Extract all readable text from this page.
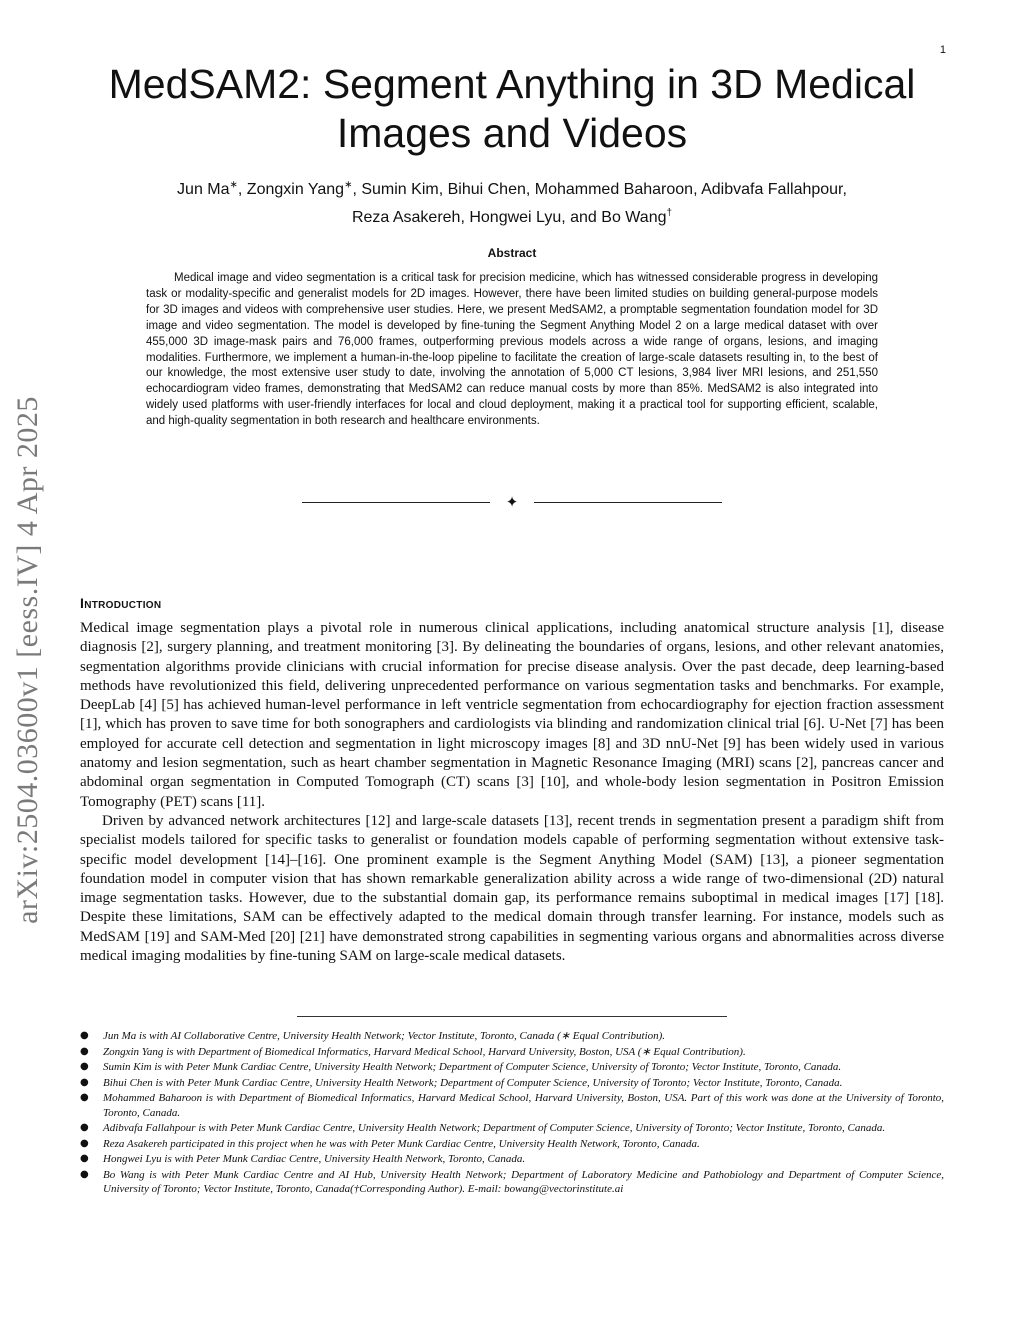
1
arXiv:2504.03600v1 [eess.IV] 4 Apr 2025
MedSAM2: Segment Anything in 3D Medical Images and Videos
Jun Ma∗, Zongxin Yang∗, Sumin Kim, Bihui Chen, Mohammed Baharoon, Adibvafa Fallahpour,
Reza Asakereh, Hongwei Lyu, and Bo Wang†
Abstract

Medical image and video segmentation is a critical task for precision medicine, which has witnessed considerable progress in developing task or modality-specific and generalist models for 2D images. However, there have been limited studies on building general-purpose models for 3D images and videos with comprehensive user studies. Here, we present MedSAM2, a promptable segmentation foundation model for 3D image and video segmentation. The model is developed by fine-tuning the Segment Anything Model 2 on a large medical dataset with over 455,000 3D image-mask pairs and 76,000 frames, outperforming previous models across a wide range of organs, lesions, and imaging modalities. Furthermore, we implement a human-in-the-loop pipeline to facilitate the creation of large-scale datasets resulting in, to the best of our knowledge, the most extensive user study to date, involving the annotation of 5,000 CT lesions, 3,984 liver MRI lesions, and 251,550 echocardiogram video frames, demonstrating that MedSAM2 can reduce manual costs by more than 85%. MedSAM2 is also integrated into widely used platforms with user-friendly interfaces for local and cloud deployment, making it a practical tool for supporting efficient, scalable, and high-quality segmentation in both research and healthcare environments.

✦
Introduction

Medical image segmentation plays a pivotal role in numerous clinical applications, including anatomical structure analysis [1], disease diagnosis [2], surgery planning, and treatment monitoring [3]. By delineating the boundaries of organs, lesions, and other relevant anatomies, segmentation algorithms provide clinicians with crucial information for precise disease analysis. Over the past decade, deep learning-based methods have revolutionized this field, delivering unprecedented performance on various segmentation tasks and benchmarks. For example, DeepLab [4] [5] has achieved human-level performance in left ventricle segmentation from echocardiography for ejection fraction assessment [1], which has proven to save time for both sonographers and cardiologists via blinding and randomization clinical trial [6]. U-Net [7] has been employed for accurate cell detection and segmentation in light microscopy images [8] and 3D nnU-Net [9] has been widely used in various anatomy and lesion segmentation, such as heart chamber segmentation in Magnetic Resonance Imaging (MRI) scans [2], pancreas cancer and abdominal organ segmentation in Computed Tomograph (CT) scans [3] [10], and whole-body lesion segmentation in Positron Emission Tomography (PET) scans [11].

Driven by advanced network architectures [12] and large-scale datasets [13], recent trends in segmentation present a paradigm shift from specialist models tailored for specific tasks to generalist or foundation models capable of performing segmentation without extensive task-specific model development [14]–[16]. One prominent example is the Segment Anything Model (SAM) [13], a pioneer segmentation foundation model in computer vision that has shown remarkable generalization ability across a wide range of two-dimensional (2D) natural image segmentation tasks. However, due to the substantial domain gap, its performance remains suboptimal in medical images [17] [18]. Despite these limitations, SAM can be effectively adapted to the medical domain through transfer learning. For instance, models such as MedSAM [19] and SAM-Med [20] [21] have demonstrated strong capabilities in segmenting various organs and abnormalities across diverse medical imaging modalities by fine-tuning SAM on large-scale medical datasets.

● Jun Ma is with AI Collaborative Centre, University Health Network; Vector Institute, Toronto, Canada (∗ Equal Contribution).
● Zongxin Yang is with Department of Biomedical Informatics, Harvard Medical School, Harvard University, Boston, USA (∗ Equal Contribution).
● Sumin Kim is with Peter Munk Cardiac Centre, University Health Network; Department of Computer Science, University of Toronto; Vector Institute, Toronto, Canada.
● Bihui Chen is with Peter Munk Cardiac Centre, University Health Network; Department of Computer Science, University of Toronto; Vector Institute, Toronto, Canada.
● Mohammed Baharoon is with Department of Biomedical Informatics, Harvard Medical School, Harvard University, Boston, USA. Part of this work was done at the University of Toronto, Toronto, Canada.
● Adibvafa Fallahpour is with Peter Munk Cardiac Centre, University Health Network; Department of Computer Science, University of Toronto; Vector Institute, Toronto, Canada.
● Reza Asakereh participated in this project when he was with Peter Munk Cardiac Centre, University Health Network, Toronto, Canada.
● Hongwei Lyu is with Peter Munk Cardiac Centre, University Health Network, Toronto, Canada.
● Bo Wang is with Peter Munk Cardiac Centre and AI Hub, University Health Network; Department of Laboratory Medicine and Pathobiology and Department of Computer Science, University of Toronto; Vector Institute, Toronto, Canada(†Corresponding Author). E-mail: bowang@vectorinstitute.ai
